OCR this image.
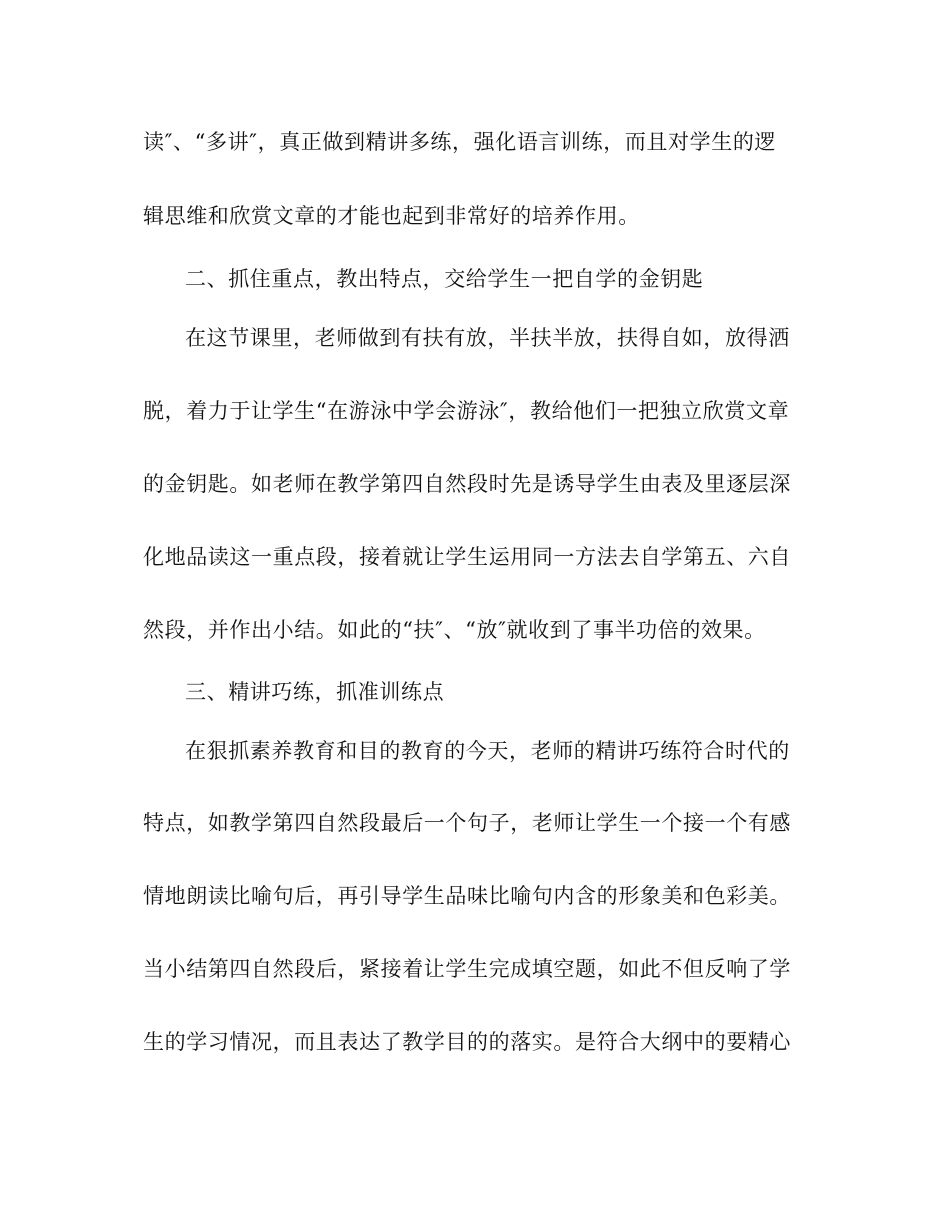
读″、“多讲″，真正做到精讲多练，强化语言训练，而且对学生的逻

辑思维和欣赏文章的才能也起到非常好的培养作用。

二、抓住重点，教出特点，交给学生一把自学的金钥匙

在这节课里，老师做到有扶有放，半扶半放，扶得自如，放得洒

脱，着力于让学生“在游泳中学会游泳″，教给他们一把独立欣赏文章

的金钥匙。如老师在教学第四自然段时先是诱导学生由表及里逐层深

化地品读这一重点段，接着就让学生运用同一方法去自学第五、六自

然段，并作出小结。如此的“扶″、“放″就收到了事半功倍的效果。

三、精讲巧练，抓准训练点

在狠抓素养教育和目的教育的今天，老师的精讲巧练符合时代的

特点，如教学第四自然段最后一个句子，老师让学生一个接一个有感

情地朗读比喻句后，再引导学生品味比喻句内含的形象美和色彩美。

当小结第四自然段后，紧接着让学生完成填空题，如此不但反响了学

生的学习情况，而且表达了教学目的的落实。是符合大纲中的要精心
